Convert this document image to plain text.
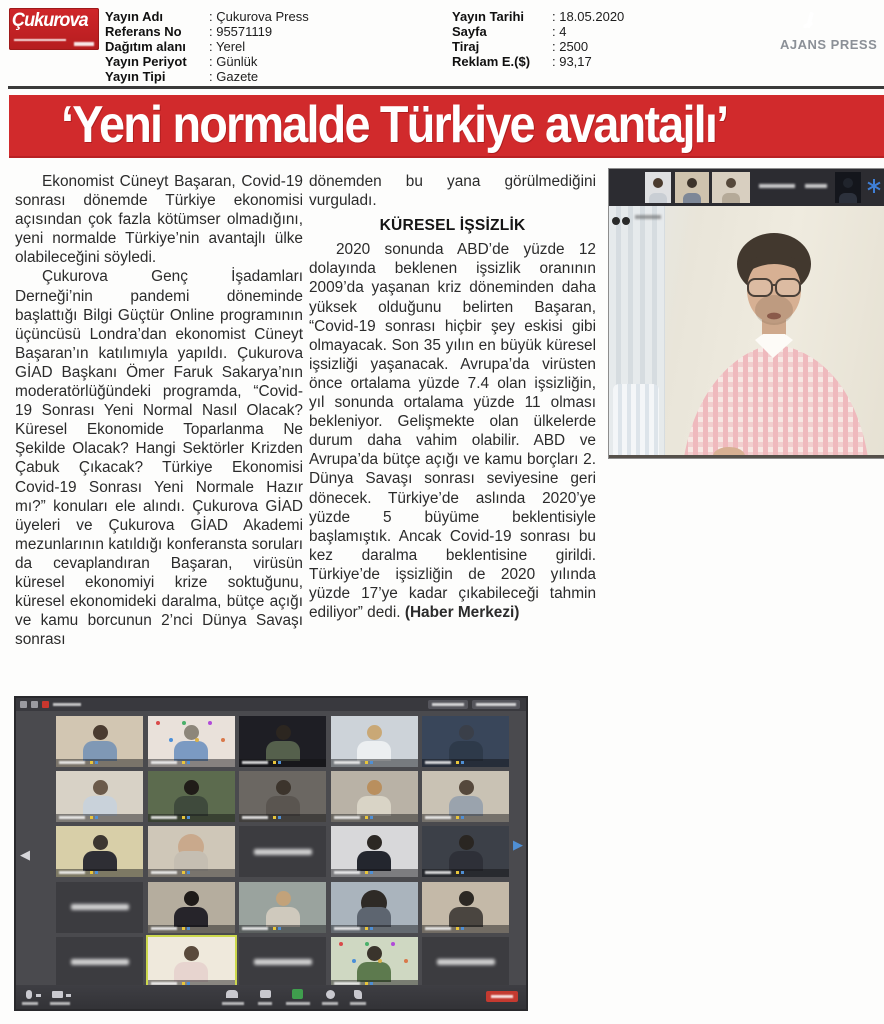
Çukurova	Yayın Adı	: Çukurova Press
Referans No	: 95571119
Dağıtım alanı	: Yerel
Yayın Periyot	: Günlük
Yayın Tipi	: Gazete
Yayın Tarihi	: 18.05.2020
Sayfa	: 4
Tiraj	: 2500
Reklam E.($)	: 93,17
AJANS PRESS
‘Yeni normalde Türkiye avantajlı’

Ekonomist Cüneyt Başaran, Covid-19 sonrası dönemde Türkiye ekonomisi açısından çok fazla kötümser olmadığını, yeni normalde Türkiye’nin avantajlı ülke olabileceğini söyledi.

Çukurova Genç İşadamları Derneği’nin pandemi döneminde başlattığı Bilgi Güçtür Online programının üçüncüsü Londra’dan ekonomist Cüneyt Başaran’ın katılımıyla yapıldı. Çukurova GİAD Başkanı Ömer Faruk Sakarya’nın moderatörlüğündeki programda, “Covid-19 Sonrası Yeni Normal Nasıl Olacak? Küresel Ekonomide Toparlanma Ne Şekilde Olacak? Hangi Sektörler Krizden Çabuk Çıkacak? Türkiye Ekonomisi Covid-19 Sonrası Yeni Normale Hazır mı?” konuları ele alındı. Çukurova GİAD üyeleri ve Çukurova GİAD Akademi mezunlarının katıldığı konferansta soruları da cevaplandıran Başaran, virüsün küresel ekonomiyi krize soktuğunu, küresel ekonomideki daralma, bütçe açığı ve kamu borcunun 2’nci Dünya Savaşı sonrası

dönemden bu yana görülmediğini vurguladı.

KÜRESEL İŞSİZLİK

2020 sonunda ABD’de yüzde 12 dolayında beklenen işsizlik oranının 2009’da yaşanan kriz döneminden daha yüksek olduğunu belirten Başaran, “Covid-19 sonrası hiçbir şey eskisi gibi olmayacak. Son 35 yılın en büyük küresel işsizliği yaşanacak. Avrupa’da virüsten önce ortalama yüzde 7.4 olan işsizliğin, yıl sonunda ortalama yüzde 11 olması bekleniyor. Gelişmekte olan ülkelerde durum daha vahim olabilir. ABD ve Avrupa’da bütçe açığı ve kamu borçları 2. Dünya Savaşı sonrası seviyesine geri dönecek. Türkiye’de aslında 2020’ye yüzde 5 büyüme beklentisiyle başlamıştık. Ancak Covid-19 sonrası bu kez daralma beklentisine girildi. Türkiye’de işsizliğin de 2020 yılında yüzde 17’ye kadar çıkabileceği tahmin ediliyor” dedi. (Haber Merkezi)

◀
▶
